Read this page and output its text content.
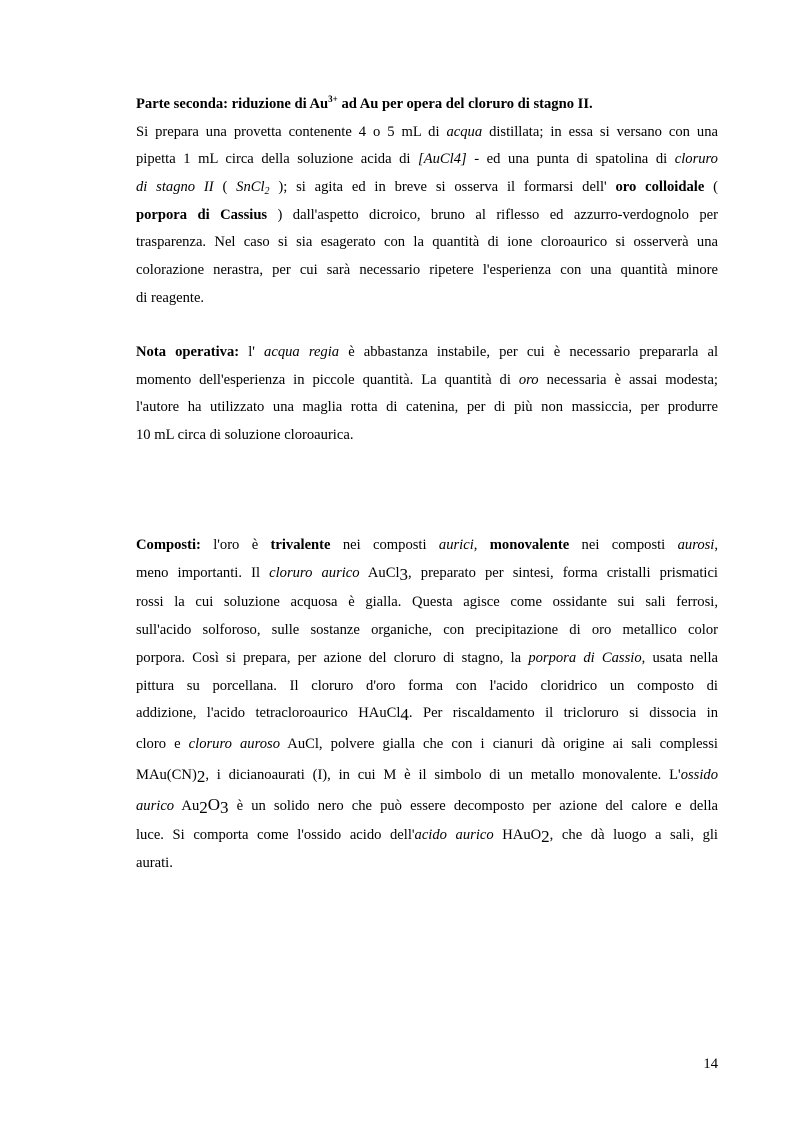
Parte seconda: riduzione di $Au^{3+}$ ad Au per opera del cloruro di stagno II.
Si prepara una provetta contenente 4 o 5 mL di acqua distillata; in essa si versano con una
pipetta 1 mL circa della soluzione acida di [AuCl4] - ed una punta di spatolina di cloruro
di stagno II ( SnCl$_2$ ); si agita ed in breve si osserva il formarsi dell' oro colloidale (
porpora di Cassius ) dall'aspetto dicroico, bruno al riflesso ed azzurro-verdognolo per
trasparenza. Nel caso si sia esagerato con la quantità di ione cloroaurico si osserverà una
colorazione nerastra, per cui sarà necessario ripetere l'esperienza con una quantità minore
di reagente.
Nota operativa: l' acqua regia è abbastanza instabile, per cui è necessario prepararla al
momento dell'esperienza in piccole quantità. La quantità di oro necessaria è assai modesta;
l'autore ha utilizzato una maglia rotta di catenina, per di più non massiccia, per produrre
10 mL circa di soluzione cloroaurica.
Composti: l'oro è trivalente nei composti aurici, monovalente nei composti aurosi,
meno importanti. Il cloruro aurico AuCl$_3$, preparato per sintesi, forma cristalli prismatici
rossi la cui soluzione acquosa è gialla. Questa agisce come ossidante sui sali ferrosi,
sull'acido solforoso, sulle sostanze organiche, con precipitazione di oro metallico color
porpora. Così si prepara, per azione del cloruro di stagno, la porpora di Cassio, usata nella
pittura su porcellana. Il cloruro d'oro forma con l'acido cloridrico un composto di
addizione, l'acido tetracloroaurico HAuCl$_4$. Per riscaldamento il tricloruro si dissocia in
cloro e cloruro auroso AuCl, polvere gialla che con i cianuri dà origine ai sali complessi
$MAu(CN)_2$, i dicianoaurati (I), in cui M è il simbolo di un metallo monovalente. L'ossido
aurico $Au_2O_3$ è un solido nero che può essere decomposto per azione del calore e della
luce. Si comporta come l'ossido acido dell'acido aurico HAuO$_2$, che dà luogo a sali, gli
aurati.
14
